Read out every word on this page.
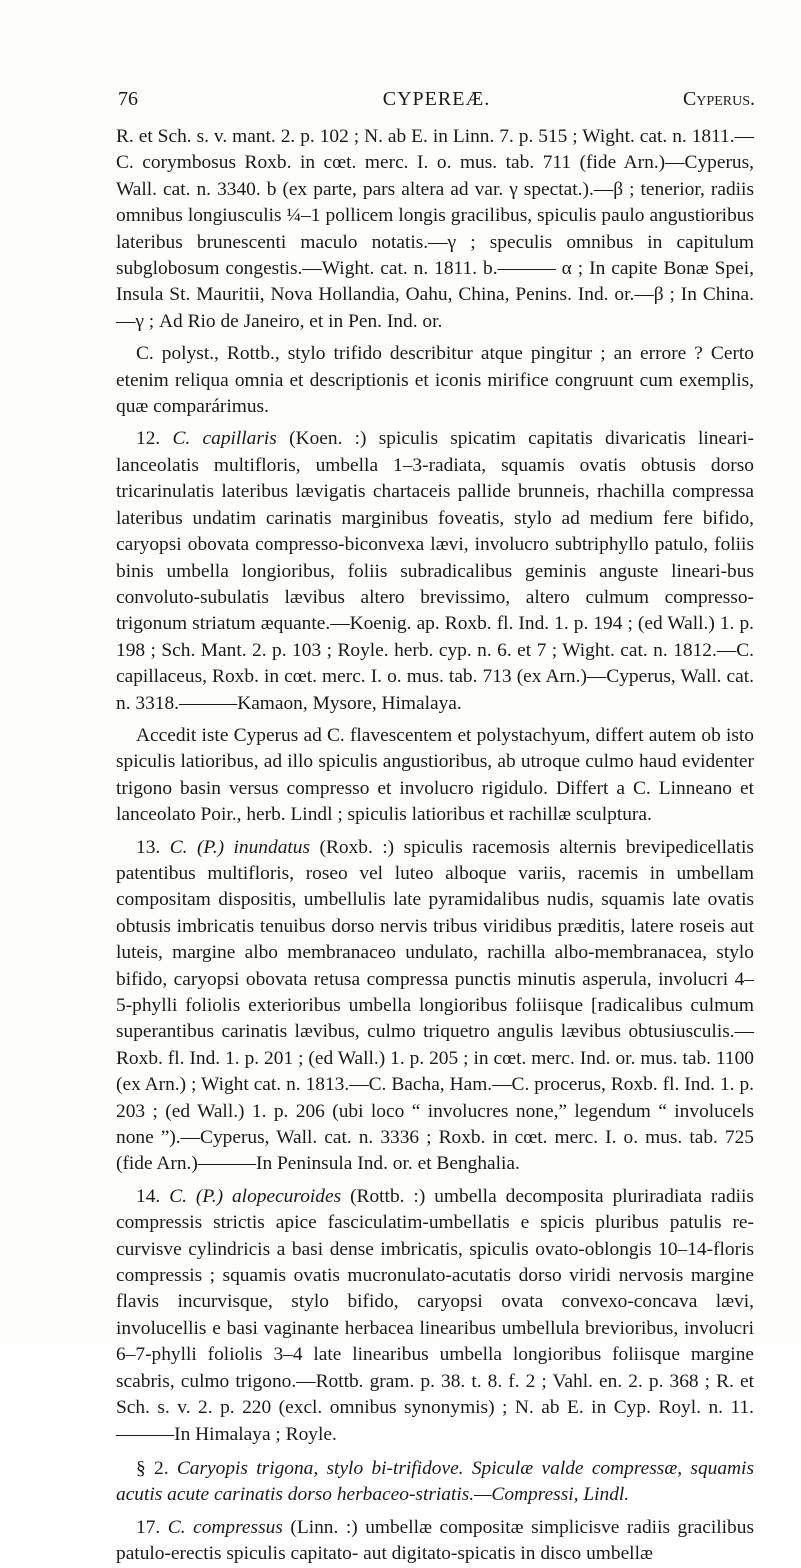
76	CYPEREÆ.	Cyperus.

R. et Sch. s. v. mant. 2. p. 102 ; N. ab E. in Linn. 7. p. 515 ; Wight. cat. n. 1811.—C. corymbosus Roxb. in cœt. merc. I. o. mus. tab. 711 (fide Arn.)—Cyperus, Wall. cat. n. 3340. b (ex parte, pars altera ad var. γ spectat.).—β ; tenerior, radiis omnibus longiusculis ¼–1 pollicem longis gracilibus, spiculis paulo angustioribus lateribus brunescenti maculo notatis.—γ ; speculis omnibus in capitulum subglobosum congestis.—Wight. cat. n. 1811. b.——— α ; In capite Bonæ Spei, Insula St. Mauritii, Nova Hollandia, Oahu, China, Penins. Ind. or.—β ; In China.—γ ; Ad Rio de Janeiro, et in Pen. Ind. or.

C. polyst., Rottb., stylo trifido describitur atque pingitur ; an errore ? Certo etenim reliqua omnia et descriptionis et iconis mirifice congruunt cum exemplis, quæ comparárimus.

12. C. capillaris (Koen. :) spiculis spicatim capitatis divaricatis lineari-lanceolatis multifloris, umbella 1–3-radiata, squamis ovatis obtusis dorso tricarinulatis lateribus lævigatis chartaceis pallide brunneis, rhachilla compressa lateribus undatim carinatis marginibus foveatis, stylo ad medium fere bifido, caryopsi obovata compresso-biconvexa lævi, involucro subtriphyllo patulo, foliis binis umbella longioribus, foliis subradicalibus geminis anguste lineari-bus convoluto-subulatis lævibus altero brevissimo, altero culmum compresso-trigonum striatum æquante.—Koenig. ap. Roxb. fl. Ind. 1. p. 194 ; (ed Wall.) 1. p. 198 ; Sch. Mant. 2. p. 103 ; Royle. herb. cyp. n. 6. et 7 ; Wight. cat. n. 1812.—C. capillaceus, Roxb. in cœt. merc. I. o. mus. tab. 713 (ex Arn.)—Cyperus, Wall. cat. n. 3318.———Kamaon, Mysore, Himalaya.

Accedit iste Cyperus ad C. flavescentem et polystachyum, differt autem ob isto spiculis latioribus, ad illo spiculis angustioribus, ab utroque culmo haud evidenter trigono basin versus compresso et involucro rigidulo. Differt a C. Linneano et lanceolato Poir., herb. Lindl ; spiculis latioribus et rachillæ sculptura.

13. C. (P.) inundatus (Roxb. :) spiculis racemosis alternis brevipedicellatis patentibus multifloris, roseo vel luteo alboque variis, racemis in umbellam compositam dispositis, umbellulis late pyramidalibus nudis, squamis late ovatis obtusis imbricatis tenuibus dorso nervis tribus viridibus præditis, latere roseis aut luteis, margine albo membranaceo undulato, rachilla albo-membranacea, stylo bifido, caryopsi obovata retusa compressa punctis minutis asperula, involucri 4–5-phylli foliolis exterioribus umbella longioribus foliisque [radicalibus culmum superantibus carinatis lævibus, culmo triquetro angulis lævibus obtusiusculis.—Roxb. fl. Ind. 1. p. 201 ; (ed Wall.) 1. p. 205 ; in cœt. merc. Ind. or. mus. tab. 1100 (ex Arn.) ; Wight cat. n. 1813.—C. Bacha, Ham.—C. procerus, Roxb. fl. Ind. 1. p. 203 ; (ed Wall.) 1. p. 206 (ubi loco “ involucres none,” legendum “ involucels none ”).—Cyperus, Wall. cat. n. 3336 ; Roxb. in cœt. merc. I. o. mus. tab. 725 (fide Arn.)———In Peninsula Ind. or. et Benghalia.

14. C. (P.) alopecuroides (Rottb. :) umbella decomposita pluriradiata radiis compressis strictis apice fasciculatim-umbellatis e spicis pluribus patulis re-curvisve cylindricis a basi dense imbricatis, spiculis ovato-oblongis 10–14-floris compressis ; squamis ovatis mucronulato-acutatis dorso viridi nervosis margine flavis incurvisque, stylo bifido, caryopsi ovata convexo-concava lævi, involucellis e basi vaginante herbacea linearibus umbellula brevioribus, involucri 6–7-phylli foliolis 3–4 late linearibus umbella longioribus foliisque margine scabris, culmo trigono.—Rottb. gram. p. 38. t. 8. f. 2 ; Vahl. en. 2. p. 368 ; R. et Sch. s. v. 2. p. 220 (excl. omnibus synonymis) ; N. ab E. in Cyp. Royl. n. 11.———In Himalaya ; Royle.

§ 2. Caryopis trigona, stylo bi-trifidove. Spiculæ valde compressæ, squamis acutis acute carinatis dorso herbaceo-striatis.—Compressi, Lindl.

17. C. compressus (Linn. :) umbellæ compositæ simplicisve radiis gracilibus patulo-erectis spiculis capitato- aut digitato-spicatis in disco umbellæ
